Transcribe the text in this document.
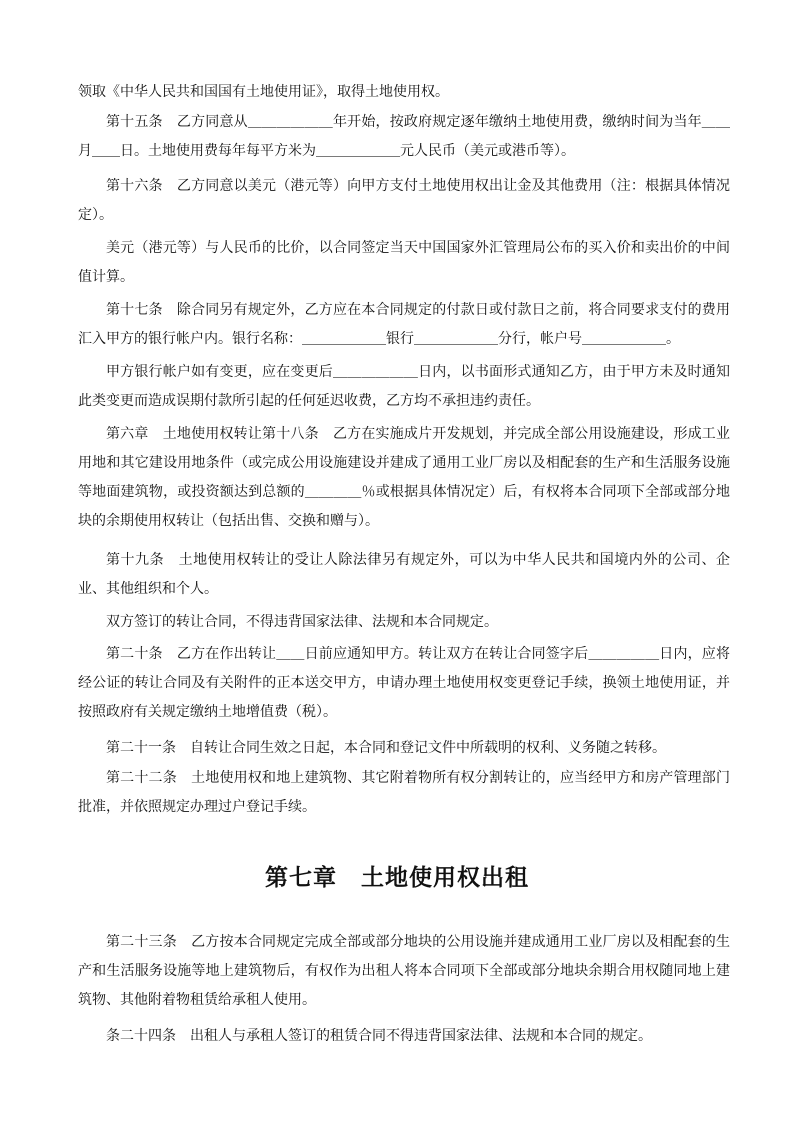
领取《中华人民共和国国有土地使用证》，取得土地使用权。

第十五条　乙方同意从＿＿＿＿＿＿年开始，按政府规定逐年缴纳土地使用费，缴纳时间为当年＿＿月＿＿日。土地使用费每年每平方米为＿＿＿＿＿＿元人民币（美元或港币等）。

第十六条　乙方同意以美元（港元等）向甲方支付土地使用权出让金及其他费用（注：根据具体情况定）。

美元（港元等）与人民币的比价，以合同签定当天中国国家外汇管理局公布的买入价和卖出价的中间值计算。

第十七条　除合同另有规定外，乙方应在本合同规定的付款日或付款日之前，将合同要求支付的费用汇入甲方的银行帐户内。银行名称：＿＿＿＿＿＿银行＿＿＿＿＿＿分行，帐户号＿＿＿＿＿＿。

甲方银行帐户如有变更，应在变更后＿＿＿＿＿＿日内，以书面形式通知乙方，由于甲方未及时通知此类变更而造成误期付款所引起的任何延迟收费，乙方均不承担违约责任。

第六章　土地使用权转让第十八条　乙方在实施成片开发规划，并完成全部公用设施建设，形成工业用地和其它建设用地条件（或完成公用设施建设并建成了通用工业厂房以及相配套的生产和生活服务设施等地面建筑物，或投资额达到总额的＿＿＿＿％或根据具体情况定）后，有权将本合同项下全部或部分地块的余期使用权转让（包括出售、交换和赠与）。

第十九条　土地使用权转让的受让人除法律另有规定外，可以为中华人民共和国境内外的公司、企业、其他组织和个人。

双方签订的转让合同，不得违背国家法律、法规和本合同规定。

第二十条　乙方在作出转让＿＿日前应通知甲方。转让双方在转让合同签字后＿＿＿＿＿日内，应将经公证的转让合同及有关附件的正本送交甲方，申请办理土地使用权变更登记手续，换领土地使用证，并按照政府有关规定缴纳土地增值费（税）。

第二十一条　自转让合同生效之日起，本合同和登记文件中所载明的权利、义务随之转移。

第二十二条　土地使用权和地上建筑物、其它附着物所有权分割转让的，应当经甲方和房产管理部门批准，并依照规定办理过户登记手续。

第七章　土地使用权出租

第二十三条　乙方按本合同规定完成全部或部分地块的公用设施并建成通用工业厂房以及相配套的生产和生活服务设施等地上建筑物后，有权作为出租人将本合同项下全部或部分地块余期合用权随同地上建筑物、其他附着物租赁给承租人使用。

条二十四条　出租人与承租人签订的租赁合同不得违背国家法律、法规和本合同的规定。
